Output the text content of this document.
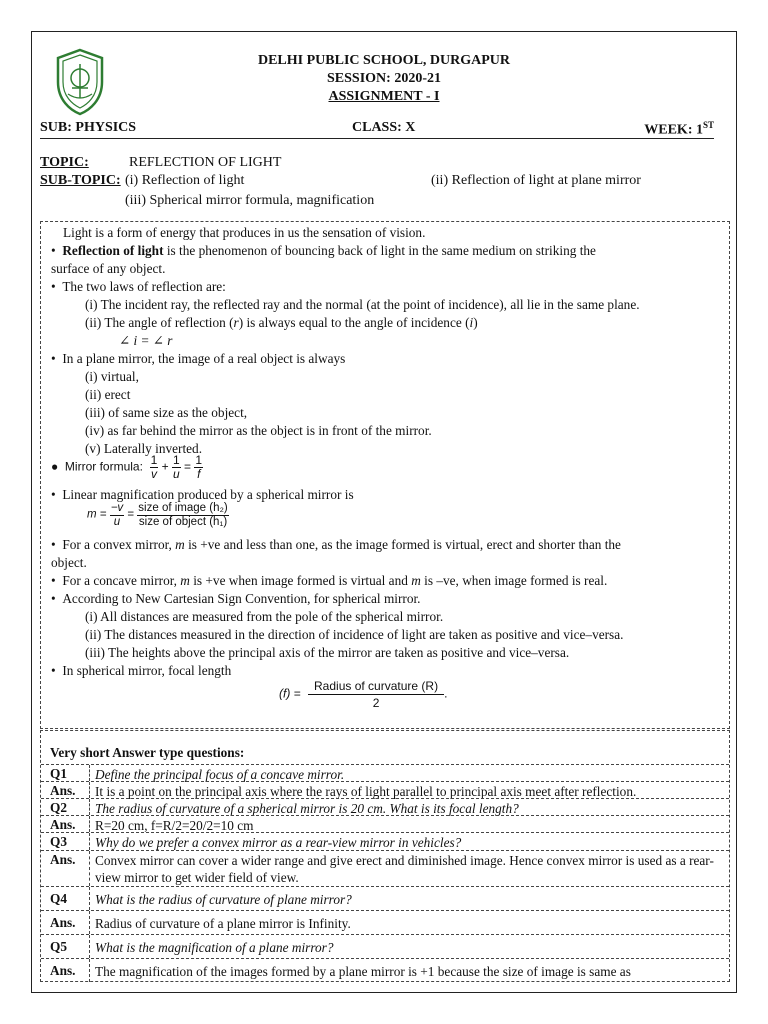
DELHI PUBLIC SCHOOL, DURGAPUR
SESSION: 2020-21
ASSIGNMENT - I
SUB: PHYSICS	CLASS: X	WEEK: 1ST
TOPIC:	REFLECTION OF LIGHT
SUB-TOPIC: (i) Reflection of light	(ii) Reflection of light at plane mirror
(iii) Spherical mirror formula, magnification
Light is a form of energy that produces in us the sensation of vision.
•  Reflection of light is the phenomenon of bouncing back of light in the same medium on striking the
surface of any object.
•  The two laws of reflection are:
(i) The incident ray, the reflected ray and the normal (at the point of incidence), all lie in the same plane.
(ii) The angle of reflection (r) is always equal to the angle of incidence (i)
∠ i = ∠ r
•  In a plane mirror, the image of a real object is always
(i) virtual,
(ii) erect
(iii) of same size as the object,
(iv) as far behind the mirror as the object is in front of the mirror.
(v) Laterally inverted.
●  Mirror formula: $\frac{1}{v} + \frac{1}{u} = \frac{1}{f}$
•  Linear magnification produced by a spherical mirror is
$m = \frac{-v}{u} = \frac{\text{size of image (h₂)}}{\text{size of object (h₁)}}$
•  For a convex mirror, m is +ve and less than one, as the image formed is virtual, erect and shorter than the
object.
•  For a concave mirror, m is +ve when image formed is virtual and m is –ve, when image formed is real.
•  According to New Cartesian Sign Convention, for spherical mirror.
(i) All distances are measured from the pole of the spherical mirror.
(ii) The distances measured in the direction of incidence of light are taken as positive and vice–versa.
(iii) The heights above the principal axis of the mirror are taken as positive and vice–versa.
•  In spherical mirror, focal length
$(f) = \frac{\text{Radius of curvature (R)}}{2}$ .
Very short Answer type questions:
Q1 Define the principal focus of a concave mirror.
Ans. It is a point on the principal axis where the rays of light parallel to principal axis meet after reflection.
Q2 The radius of curvature of a spherical mirror is 20 cm. What is its focal length?
Ans. R=20 cm, f=R/2=20/2=10 cm
Q3 Why do we prefer a convex mirror as a rear-view mirror in vehicles?
Ans. Convex mirror can cover a wider range and give erect and diminished image. Hence convex mirror is used as a rear-view mirror to get wider field of view.
Q4 What is the radius of curvature of plane mirror?
Ans. Radius of curvature of a plane mirror is Infinity.
Q5 What is the magnification of a plane mirror?
Ans. The magnification of the images formed by a plane mirror is +1 because the size of image is same as
